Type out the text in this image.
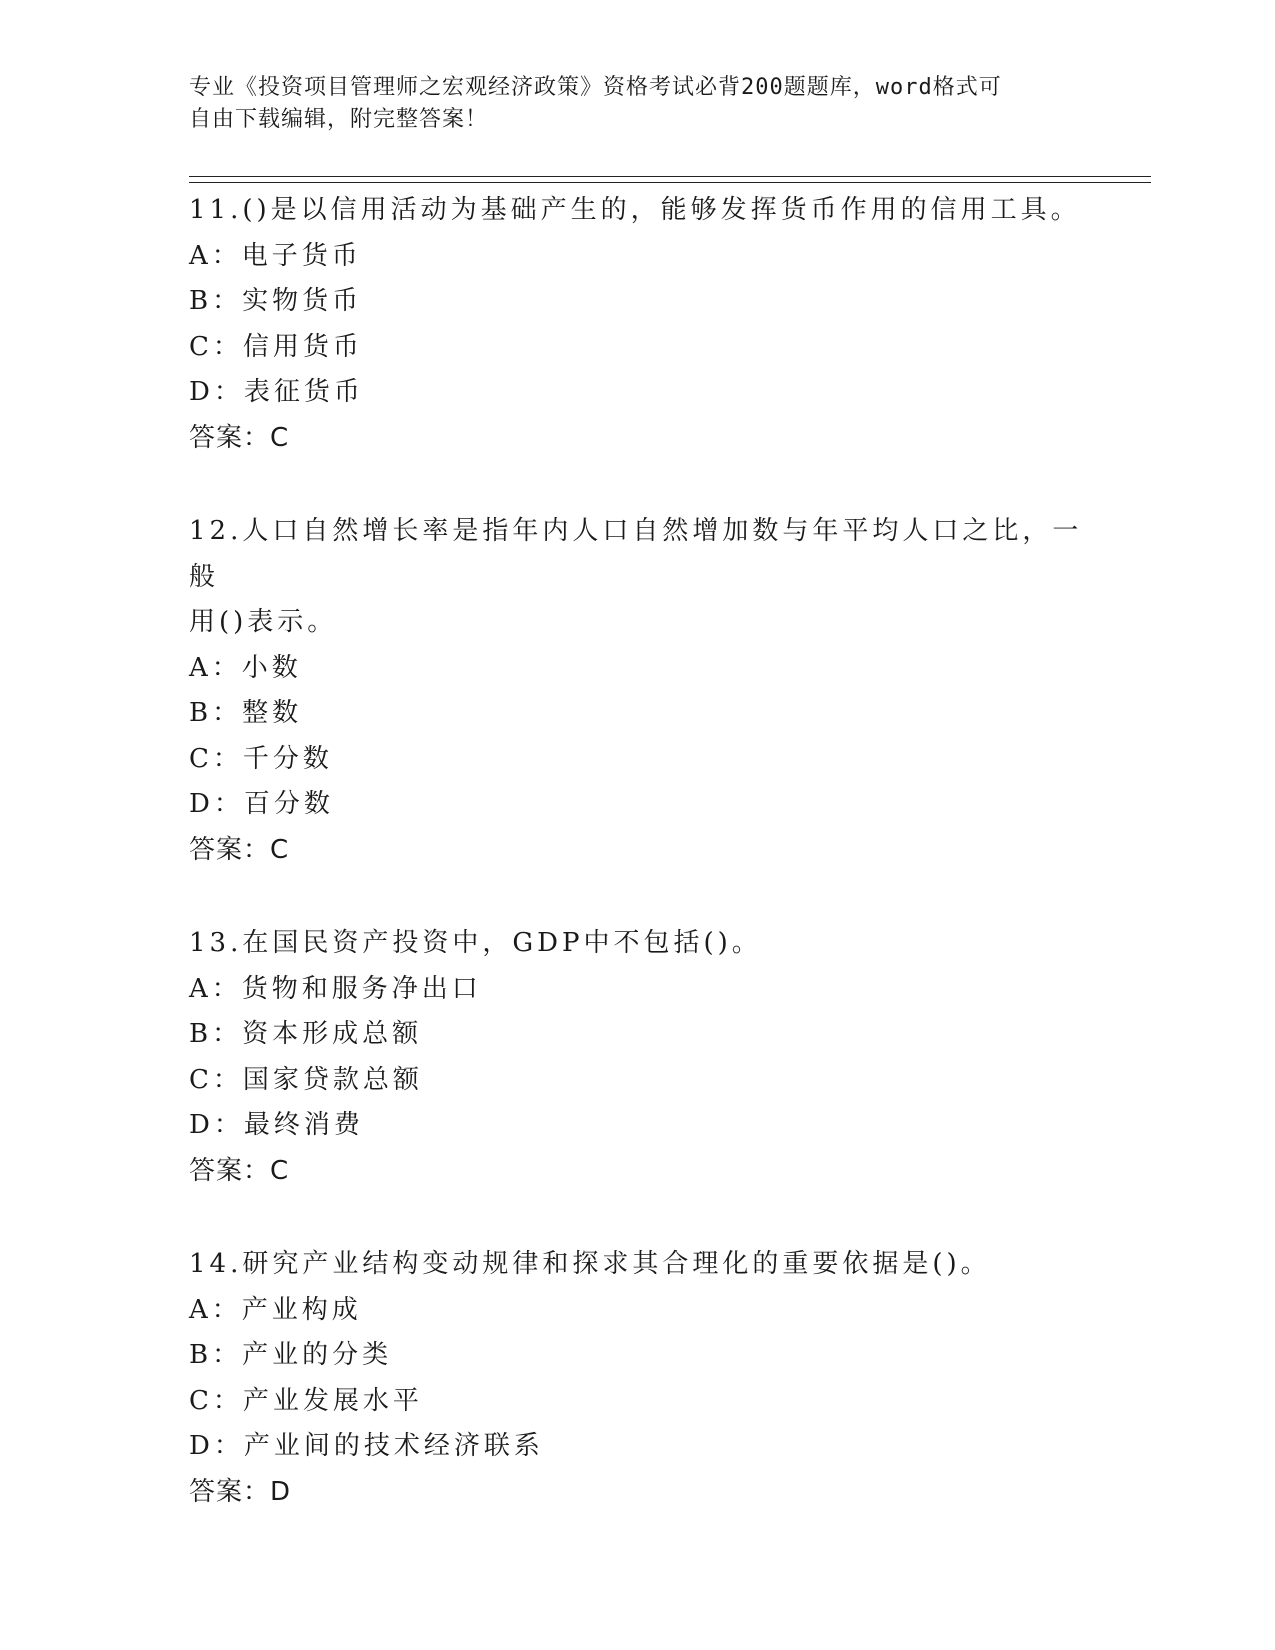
专业《投资项目管理师之宏观经济政策》资格考试必背200题题库，word格式可
自由下载编辑，附完整答案！
11.()是以信用活动为基础产生的，能够发挥货币作用的信用工具。
A：电子货币
B：实物货币
C：信用货币
D：表征货币
答案：C
12.人口自然增长率是指年内人口自然增加数与年平均人口之比，一般
用()表示。
A：小数
B：整数
C：千分数
D：百分数
答案：C
13.在国民资产投资中，GDP中不包括()。
A：货物和服务净出口
B：资本形成总额
C：国家贷款总额
D：最终消费
答案：C
14.研究产业结构变动规律和探求其合理化的重要依据是()。
A：产业构成
B：产业的分类
C：产业发展水平
D：产业间的技术经济联系
答案：D
